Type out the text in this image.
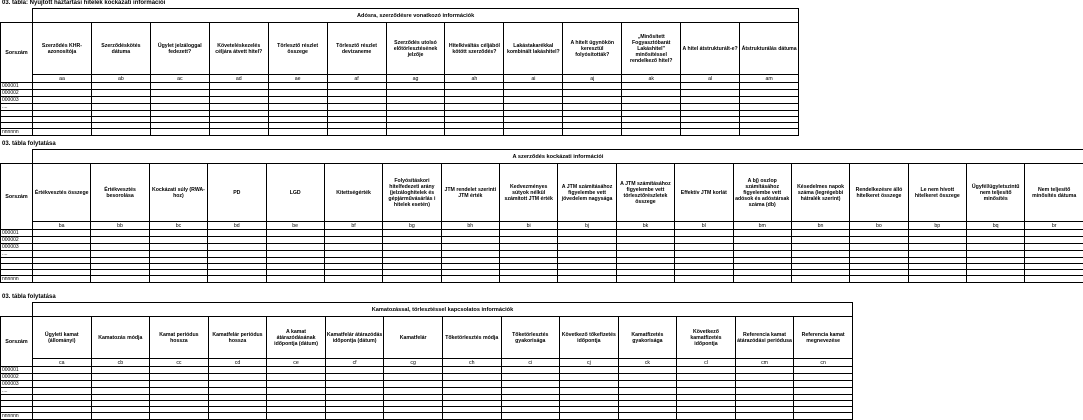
03. tábla: Nyújtott háztartási hitelek kockázati információi
	Adósra, szerződésre vonatkozó információk												
Sorszám	Szerződés KHR-azonosítója	Szerződéskötés dátuma	Ügylet jelzáloggal fedezett?	Követeléskezelés céljára átvett hitel?	Törlesztő részlet összege	Törlesztő részlet devizaneme	Szerződés utolsó előtörlesztésének jelzője	Hitelkiváltás céljából kötött szerződés?	Lakástakarékkal kombinált lakáshitel?	A hitelt ügynökön keresztül folyósították?	„Minősített Fogyasztóbarát Lakáshitel” minősítéssel rendelkező hitel?	A hitel átstrukturált-e?	Átstrukturálás dátuma
	aa	ab	ac	ad	ae	af	ag	ah	ai	aj	ak	al	am
000001													
000002													
000003													
....													

nnnnnn													
03. tábla folytatása
	A szerződés kockázati információi																	
Sorszám	Értékvesztés összege	Értékvesztés besorolása	Kockázati súly (RWA-hoz)	PD	LGD	Kitettségérték	Folyósításkori hitelfedezeti arány (jelzáloghitelek és gépjárművásárlás i hitelek esetén)	JTM rendelet szerinti JTM érték	Kedvezményes sútyok nélkül számított JTM érték	A JTM számításához figyelembe vett jövedelem nagysága	A JTM számításához figyelembe vett törlesztőrészletek összege	Effektív JTM korlát	A bj) oszlop számításához figyelembe vett adósok és adóstársak száma (db)	Késedelmes napok száma (legrégebbi hátralék szerint)	Rendelkezésre álló hitelkeret összege	Le nem hívott hitelkeret összege	Ügyfél/ügyletszintű nem teljesítő minősítés	Nem teljesítő minősítés dátuma
	ba	bb	bc	bd	be	bf	bg	bh	bi	bj	bk	bl	bm	bn	bo	bp	bq	br
000001																		
000002																		
000003																		
....																		

nnnnnn																		
03. tábla folytatása
	Kamatozással, törlesztéssel kapcsolatos információk													
Sorszám	Ügyleti kamat (állományi)	Kamatozás módja	Kamat periódus hossza	Kamatfelár periódus hossza	A kamat átárazódásának időpontja (dátum)	Kamatfelár átárazódás időpontja (dátum)	Kamatfelár	Tőketörlesztés módja	Tőketörlesztés gyakorisága	Következő tőkefizetés időpontja	Kamatfizetés gyakorisága	Következő kamatfizetés időpontja	Referencia kamat átárazódási periódusa	Referencia kamat megnevezése
	ca	cb	cc	cd	ce	cf	cg	ch	ci	cj	ck	cl	cm	cn
000001														
000002														
000003														
....														

nnnnnn														
